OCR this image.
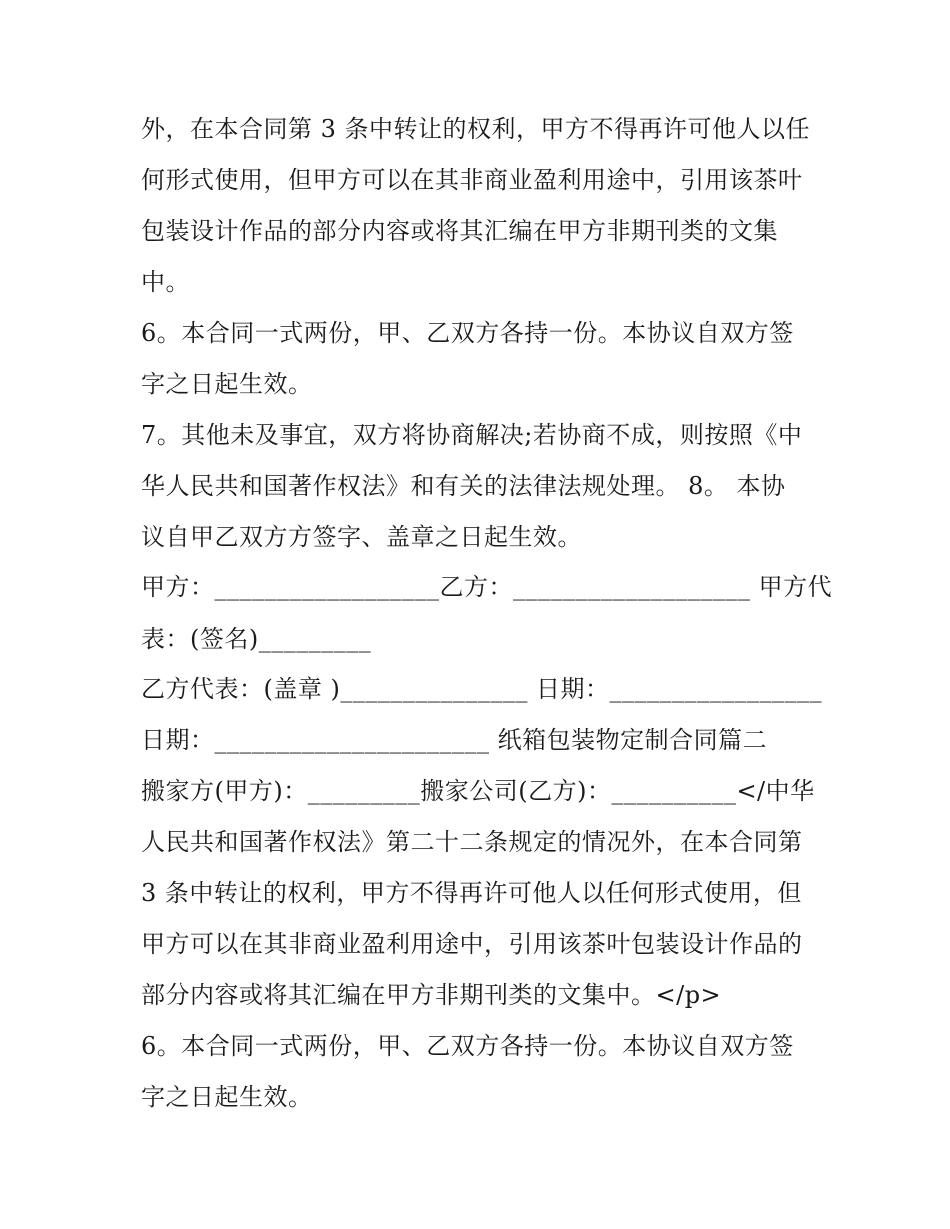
外，在本合同第 3 条中转让的权利，甲方不得再许可他人以任
何形式使用，但甲方可以在其非商业盈利用途中，引用该茶叶
包装设计作品的部分内容或将其汇编在甲方非期刊类的文集
中。
6。本合同一式两份，甲、乙双方各持一份。本协议自双方签
字之日起生效。
7。其他未及事宜，双方将协商解决;若协商不成，则按照《中
华人民共和国著作权法》和有关的法律法规处理。 8。 本协
议自甲乙双方方签字、盖章之日起生效。
甲方：__________________乙方：___________________ 甲方代
表：(签名)_________
乙方代表：(盖章 )_______________ 日期：_________________
日期：______________________ 纸箱包装物定制合同篇二
搬家方(甲方)：_________搬家公司(乙方)：__________</中华
人民共和国著作权法》第二十二条规定的情况外，在本合同第
3 条中转让的权利，甲方不得再许可他人以任何形式使用，但
甲方可以在其非商业盈利用途中，引用该茶叶包装设计作品的
部分内容或将其汇编在甲方非期刊类的文集中。</p>
6。本合同一式两份，甲、乙双方各持一份。本协议自双方签
字之日起生效。
